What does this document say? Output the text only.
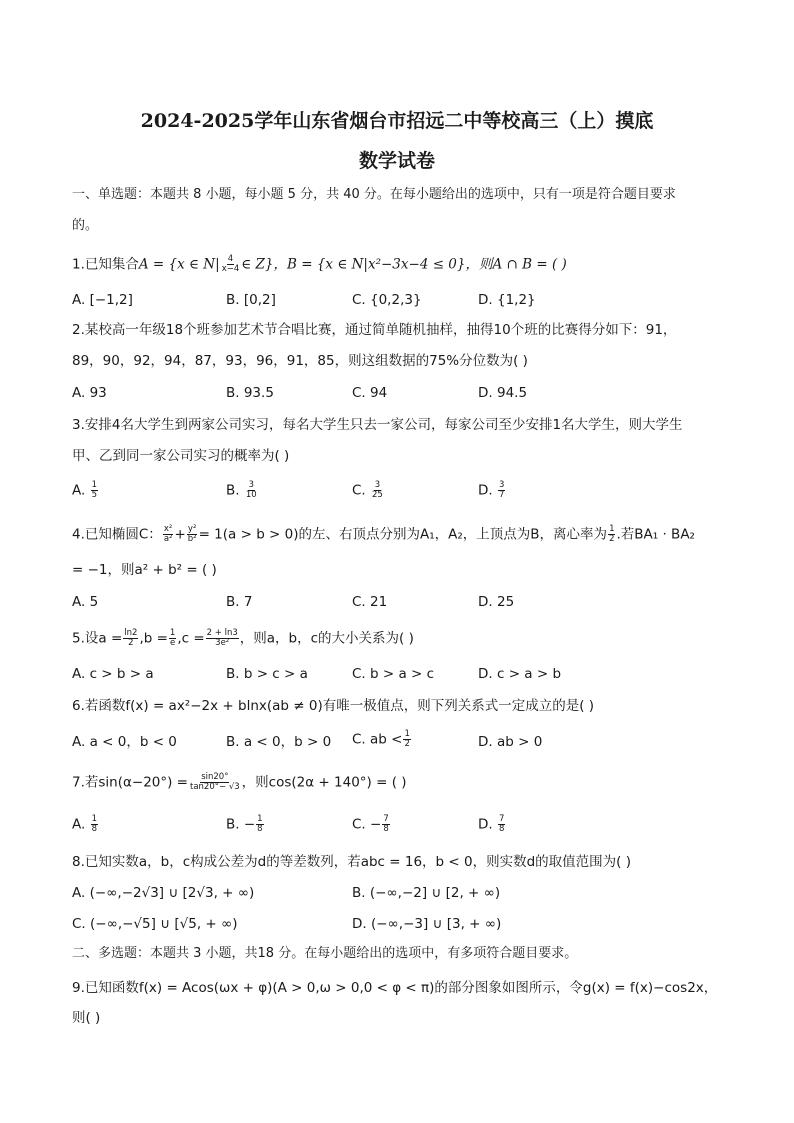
2024-2025学年山东省烟台市招远二中等校高三（上）摸底
数学试卷
一、单选题：本题共 8 小题，每小题 5 分，共 40 分。在每小题给出的选项中，只有一项是符合题目要求
的。
1.已知集合A = {x ∈ $N| \frac{4}{x-4}$ ∈ Z}，B = {x ∈ N|x²−3x−4 ≤ 0}，则A ∩ B = ( )
A. [−1,2]	B. [0,2]	C. {0,2,3}	D. {1,2}
2.某校高一年级18个班参加艺术节合唱比赛，通过简单随机抽样，抽得10个班的比赛得分如下：91，
89，90，92，94，87，93，96，91，85，则这组数据的75%分位数为( )
A. 93	B. 93.5	C. 94	D. 94.5
3.安排4名大学生到两家公司实习，每名大学生只去一家公司，每家公司至少安排1名大学生，则大学生
甲、乙到同一家公司实习的概率为( )
A. $\frac{1}{5}$	B. $\frac{3}{10}$	C. $\frac{3}{25}$	D. $\frac{3}{7}$
4.已知椭圆C： $\frac{\text{x²}}{\text{a²}} + \frac{\text{y²}}{\text{b²}} = 1(a > b > 0)$的左、右顶点分别为A₁，A₂，上顶点为B，离心率为 $\frac{1}{2}$ .若BA₁ · BA₂
= −1，则a² + b² = ( )
A. 5	B. 7	C. 21	D. 25
5.设$a = \frac{\ln 2}{2} ,b = \frac{1}{e} ,c = \frac{2 + \ln 3}{\text{3e²}}$ ，则a，b，c的大小关系为( )
A. c > b > a	B. b > c > a	C. b > a > c	D. c > a > b
6.若函数f(x) = ax²−2x + blnx(ab ≠ 0)有唯一极值点，则下列关系式一定成立的是( )
A. a < 0，b < 0	B. a < 0，b > 0 C. ab < $\frac{1}{2}$	D. ab > 0
7.若$\sin(\alpha-20^\circ) = \frac{\sin 20^\circ}{\tan 20^\circ- √3}$ ，则cos(2α + 140°) = ( )
A. $\frac{1}{8}$	B. − $\frac{1}{8}$	C. − $\frac{7}{8}$	D. $\frac{7}{8}$
8.已知实数a，b，c构成公差为d的等差数列，若abc = 16，b < 0，则实数d的取值范围为( )
A. (−∞,−2√3] ∪ [2√3, + ∞)	B. (−∞,−2] ∪ [2, + ∞)
C. (−∞,−√5] ∪ [√5, + ∞)	D. (−∞,−3] ∪ [3, + ∞)
二、多选题：本题共 3 小题，共18 分。在每小题给出的选项中，有多项符合题目要求。
9.已知函数f(x) = Acos(ωx + φ)(A > 0,ω > 0,0 < φ < π)的部分图象如图所示，令g(x) = f(x)−cos2x，
则( )
